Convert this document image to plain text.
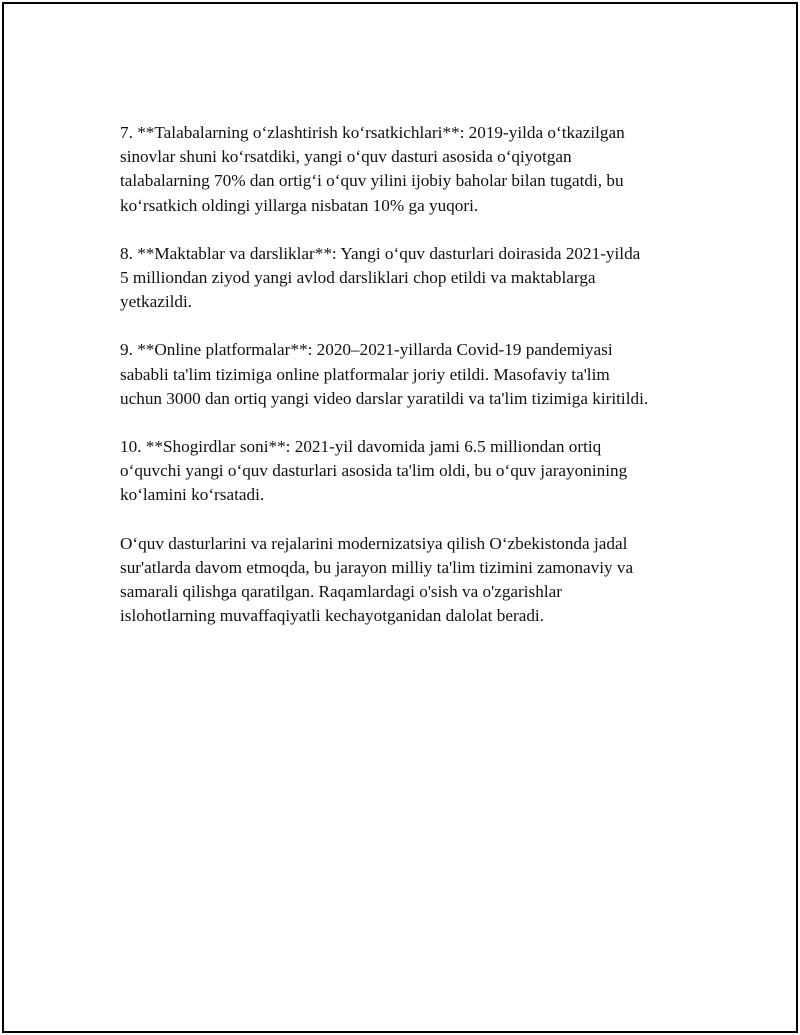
7. **Talabalarning o‘zlashtirish ko‘rsatkichlari**: 2019-yilda o‘tkazilgan
sinovlar shuni ko‘rsatdiki, yangi o‘quv dasturi asosida o‘qiyotgan
talabalarning 70% dan ortig‘i o‘quv yilini ijobiy baholar bilan tugatdi, bu
ko‘rsatkich oldingi yillarga nisbatan 10% ga yuqori.

8. **Maktablar va darsliklar**: Yangi o‘quv dasturlari doirasida 2021-yilda
5 milliondan ziyod yangi avlod darsliklari chop etildi va maktablarga
yetkazildi.

9. **Online platformalar**: 2020–2021-yillarda Covid-19 pandemiyasi
sababli ta'lim tizimiga online platformalar joriy etildi. Masofaviy ta'lim
uchun 3000 dan ortiq yangi video darslar yaratildi va ta'lim tizimiga kiritildi.

10. **Shogirdlar soni**: 2021-yil davomida jami 6.5 milliondan ortiq
o‘quvchi yangi o‘quv dasturlari asosida ta'lim oldi, bu o‘quv jarayonining
ko‘lamini ko‘rsatadi.

O‘quv dasturlarini va rejalarini modernizatsiya qilish O‘zbekistonda jadal
sur'atlarda davom etmoqda, bu jarayon milliy ta'lim tizimini zamonaviy va
samarali qilishga qaratilgan. Raqamlardagi o'sish va o'zgarishlar
islohotlarning muvaffaqiyatli kechayotganidan dalolat beradi.
